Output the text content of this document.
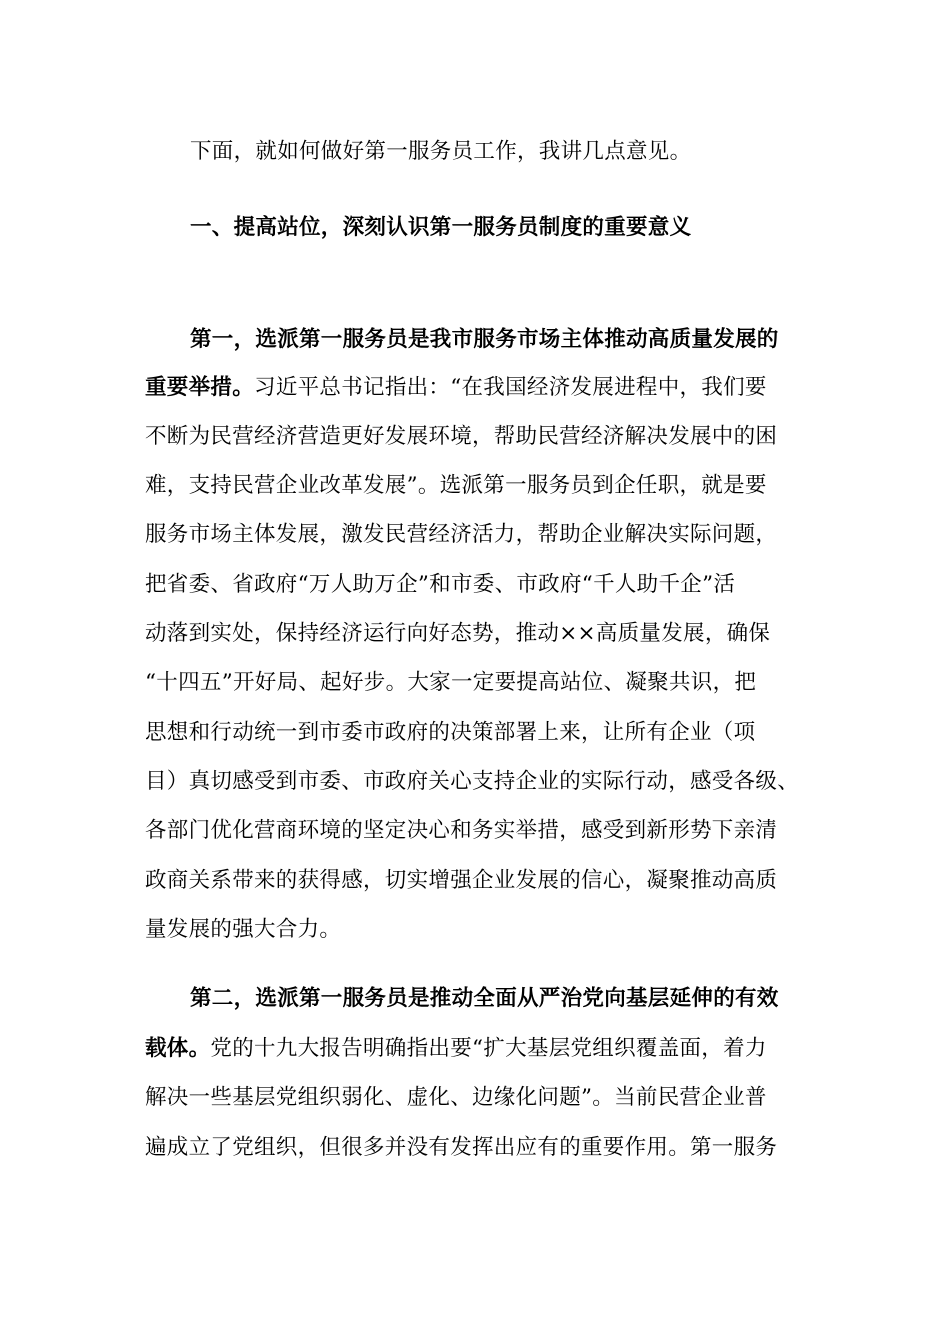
下面，就如何做好第一服务员工作，我讲几点意见。
一、提高站位，深刻认识第一服务员制度的重要意义
第一，选派第一服务员是我市服务市场主体推动高质量发展的
重要举措。习近平总书记指出：“在我国经济发展进程中，我们要
不断为民营经济营造更好发展环境，帮助民营经济解决发展中的困
难，支持民营企业改革发展”。选派第一服务员到企任职，就是要
服务市场主体发展，激发民营经济活力，帮助企业解决实际问题，
把省委、省政府“万人助万企”和市委、市政府“千人助千企”活
动落到实处，保持经济运行向好态势，推动××高质量发展，确保
“十四五”开好局、起好步。大家一定要提高站位、凝聚共识，把
思想和行动统一到市委市政府的决策部署上来，让所有企业（项
目）真切感受到市委、市政府关心支持企业的实际行动，感受各级、
各部门优化营商环境的坚定决心和务实举措，感受到新形势下亲清
政商关系带来的获得感，切实增强企业发展的信心，凝聚推动高质
量发展的强大合力。
第二，选派第一服务员是推动全面从严治党向基层延伸的有效
载体。党的十九大报告明确指出要“扩大基层党组织覆盖面，着力
解决一些基层党组织弱化、虚化、边缘化问题”。当前民营企业普
遍成立了党组织，但很多并没有发挥出应有的重要作用。第一服务
